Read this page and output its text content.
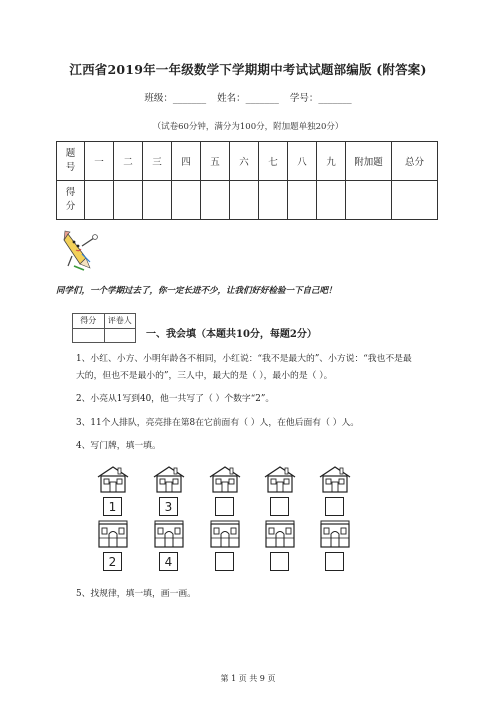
江西省2019年一年级数学下学期期中考试试题部编版 (附答案)
班级：_______ 姓名：_______ 学号：_______
（试卷60分钟，满分为100分，附加题单独20分）
题
号	一	二	三	四	五	六	七	八	九	附加题	总分

得
分											

同学们，一个学期过去了，你一定长进不少，让我们好好检验一下自己吧！
得分	评卷人
一、我会填（本题共10分，每题2分）
1、小红、小方、小明年龄各不相同，小红说：“我不是最大的”、小方说：“我也不是最
大的，但也不是最小的”，三人中，最大的是（ ），最小的是（ ）。
2、小亮从1写到40，他一共写了（ ）个数字“2”。
3、11个人排队，亮亮排在第8在它前面有（ ）人，在他后面有（ ）人。
4、写门牌，填一填。
1
2
3
4
5、找规律，填一填，画一画。
第 1 页 共 9 页
